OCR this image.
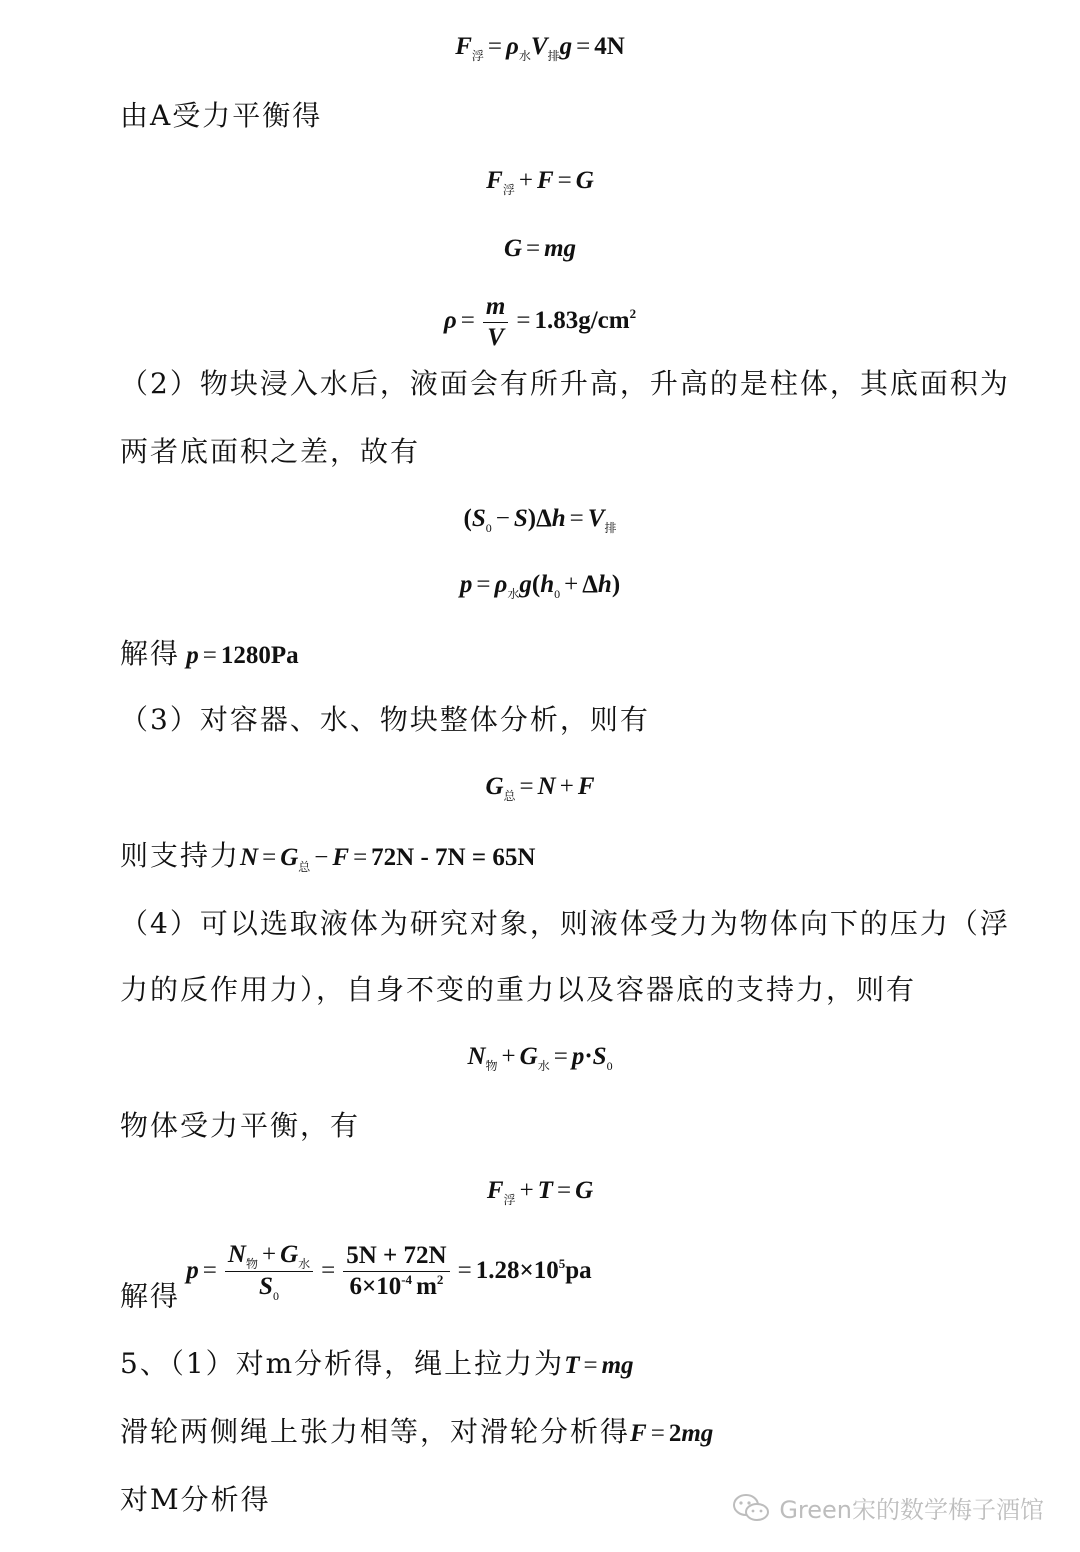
$F_浮 = \rho_水V_排g = 4N$
由A受力平衡得
$F_浮 + F = G$
G = mg
$\rho = \frac{m}{V} = 1.83g/cm^2$
（2）物块浸入水后，液面会有所升高，升高的是柱体，其底面积为
两者底面积之差，故有
$(S_0 - S)\Delta h = V_排$
$p = \rho_水g(h_0 + \Delta h)$
解得 p = 1280Pa
（3）对容器、水、物块整体分析，则有
$G_总 = N + F$
则支持力$N = G_总 - F = 72N - 7N = 65N$
（4）可以选取液体为研究对象，则液体受力为物体向下的压力（浮
力的反作用力），自身不变的重力以及容器底的支持力，则有
$N_物 + G_水 = p\cdot S_0$
物体受力平衡，有
$F_浮 + T = G$
解得 $p = \frac{N_物 + G_水}{S_0} = \frac{5N + 72N}{6\times 10^{-4} m^2} = 1.28\times 10^5pa$
5、（1）对m分析得，绳上拉力为T = mg
滑轮两侧绳上张力相等，对滑轮分析得F = 2mg
对M分析得	Green宋的数学梅子酒馆
